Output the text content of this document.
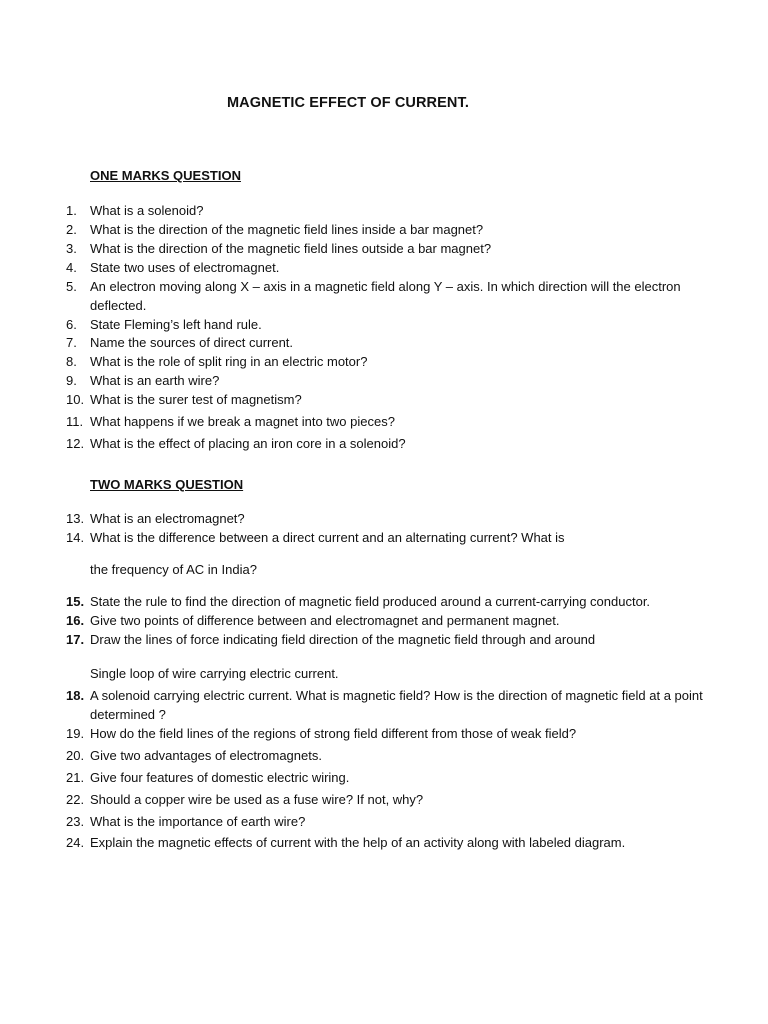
MAGNETIC EFFECT OF CURRENT.
ONE MARKS QUESTION
1.	What is a solenoid?
2.	What is the direction of the magnetic field lines inside a bar magnet?
3.	What is the direction of the magnetic field lines outside a bar magnet?
4.	State two uses of electromagnet.
5.	An electron moving along X – axis in a magnetic field along Y – axis. In which direction will the electron deflected.
6.	State Fleming’s left hand rule.
7.	Name the sources of direct current.
8.	What is the role of split ring in an electric motor?
9.	What is an earth wire?
10. What is the surer test of magnetism?
11. What happens if we break a magnet into two pieces?
12. What is the effect of placing an iron core in a solenoid?
TWO MARKS QUESTION
13. What is an electromagnet?
14. What is the difference between a direct current and an alternating current? What is
the frequency of AC in India?
15. State the rule to find the direction of magnetic field produced around a current-carrying conductor.
16. Give two points of difference between and electromagnet and permanent magnet.
17. Draw the lines of force indicating field direction of the magnetic field through and around
Single loop of wire carrying electric current.
18. A solenoid carrying electric current. What is magnetic field? How is the direction of magnetic field at a point determined ?
19. How do the field lines of the regions of strong field different from those of weak field?
20. Give two advantages of electromagnets.
21. Give four features of domestic electric wiring.
22. Should a copper wire be used as a fuse wire? If not, why?
23. What is the importance of earth wire?
24. Explain the magnetic effects of current with the help of an activity along with labeled diagram.
